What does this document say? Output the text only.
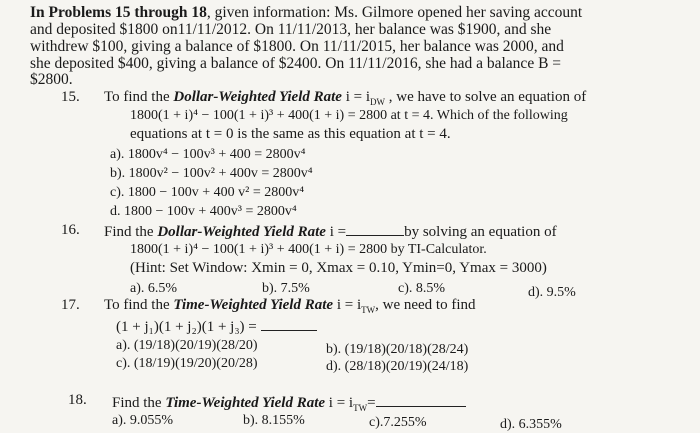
In Problems 15 through 18, given information: Ms. Gilmore opened her saving account
and deposited $1800 on11/11/2012. On 11/11/2013, her balance was $1900, and she
withdrew $100, giving a balance of $1800. On 11/11/2015, her balance was 2000, and
she deposited $400, giving a balance of $2400. On 11/11/2016, she had a balance B =
$2800.
15. To find the Dollar-Weighted Yield Rate $i = i_{DW}$ , we have to solve an equation of
1800(1 + i)⁴ − 100(1 + i)³ + 400(1 + i) = 2800 at t = 4. Which of the following
equations at t = 0 is the same as this equation at t = 4.
a). 1800v⁴ − 100v³ + 400 = 2800v⁴
b). 1800v² − 100v² + 400v = 2800v⁴
c). 1800 − 100v + 400 v² = 2800v⁴
d. 1800 − 100v + 400v³ = 2800v⁴
16. Find the Dollar-Weighted Yield Rate i =	by solving an equation of
1800(1 + i)⁴ − 100(1 + i)³ + 400(1 + i) = 2800 by TI-Calculator.
(Hint: Set Window: Xmin = 0, Xmax = 0.10, Ymin=0, Ymax = 3000)
a). 6.5%	b). 7.5%	c). 8.5%	d). 9.5%
17. To find the Time-Weighted Yield Rate $i = i_{TW}$, we need to find
(1 + j₁)(1 + j₂)(1 + j₃) =
a). (19/18)(20/19)(28/20)	b). (19/18)(20/18)(28/24)
c). (18/19)(19/20)(20/28)	d). (28/18)(20/19)(24/18)
18. Find the Time-Weighted Yield Rate $i = i_{TW}=$
a). 9.055%	b). 8.155%	c).7.255%	d). 6.355%
